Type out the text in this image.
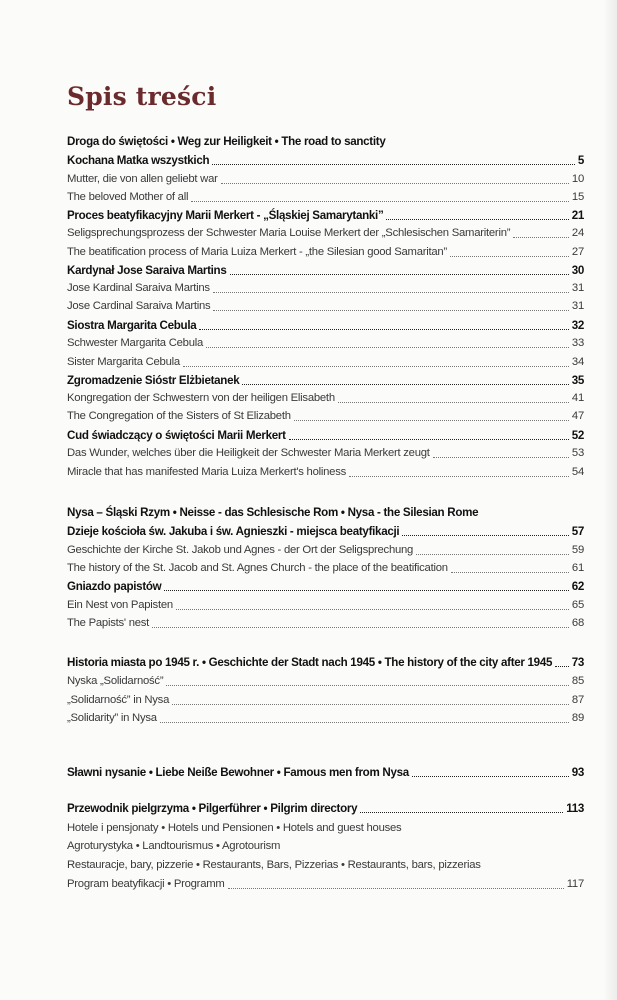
Spis treści
Droga do świętości • Weg zur Heiligkeit • The road to sanctity
Kochana Matka wszystkich	5
Mutter, die von allen geliebt war	10
The beloved Mother of all	15
Proces beatyfikacyjny Marii Merkert - „Śląskiej Samarytanki”	21
Seligsprechungsprozess der Schwester Maria Louise Merkert der „Schlesischen Samariterin”	24
The beatification process of Maria Luiza Merkert - „the Silesian good Samaritan”	27
Kardynał Jose Saraiva Martins	30
Jose Kardinal Saraiva Martins	31
Jose Cardinal Saraiva Martins	31
Siostra Margarita Cebula	32
Schwester Margarita Cebula	33
Sister Margarita Cebula	34
Zgromadzenie Sióstr Elżbietanek	35
Kongregation der Schwestern von der heiligen Elisabeth	41
The Congregation of the Sisters of St Elizabeth	47
Cud świadczący o świętości Marii Merkert	52
Das Wunder, welches über die Heiligkeit der Schwester Maria Merkert zeugt	53
Miracle that has manifested Maria Luiza Merkert's holiness	54
Nysa – Śląski Rzym • Neisse - das Schlesische Rom • Nysa - the Silesian Rome
Dzieje kościoła św. Jakuba i św. Agnieszki - miejsca beatyfikacji	57
Geschichte der Kirche St. Jakob und Agnes - der Ort der Seligsprechung	59
The history of the St. Jacob and St. Agnes Church - the place of the beatification	61
Gniazdo papistów	62
Ein Nest von Papisten	65
The Papists' nest	68
Historia miasta po 1945 r. • Geschichte der Stadt nach 1945 • The history of the city after 1945 73
Nyska „Solidarność”	85
„Solidarność” in Nysa	87
„Solidarity” in Nysa	89
Sławni nysanie • Liebe Neiße Bewohner • Famous men from Nysa	93
Przewodnik pielgrzyma • Pilgerführer • Pilgrim directory	113
Hotele i pensjonaty • Hotels und Pensionen • Hotels and guest houses
Agroturystyka • Landtourismus • Agrotourism
Restauracje, bary, pizzerie • Restaurants, Bars, Pizzerias • Restaurants, bars, pizzerias
Program beatyfikacji • Programm	117
